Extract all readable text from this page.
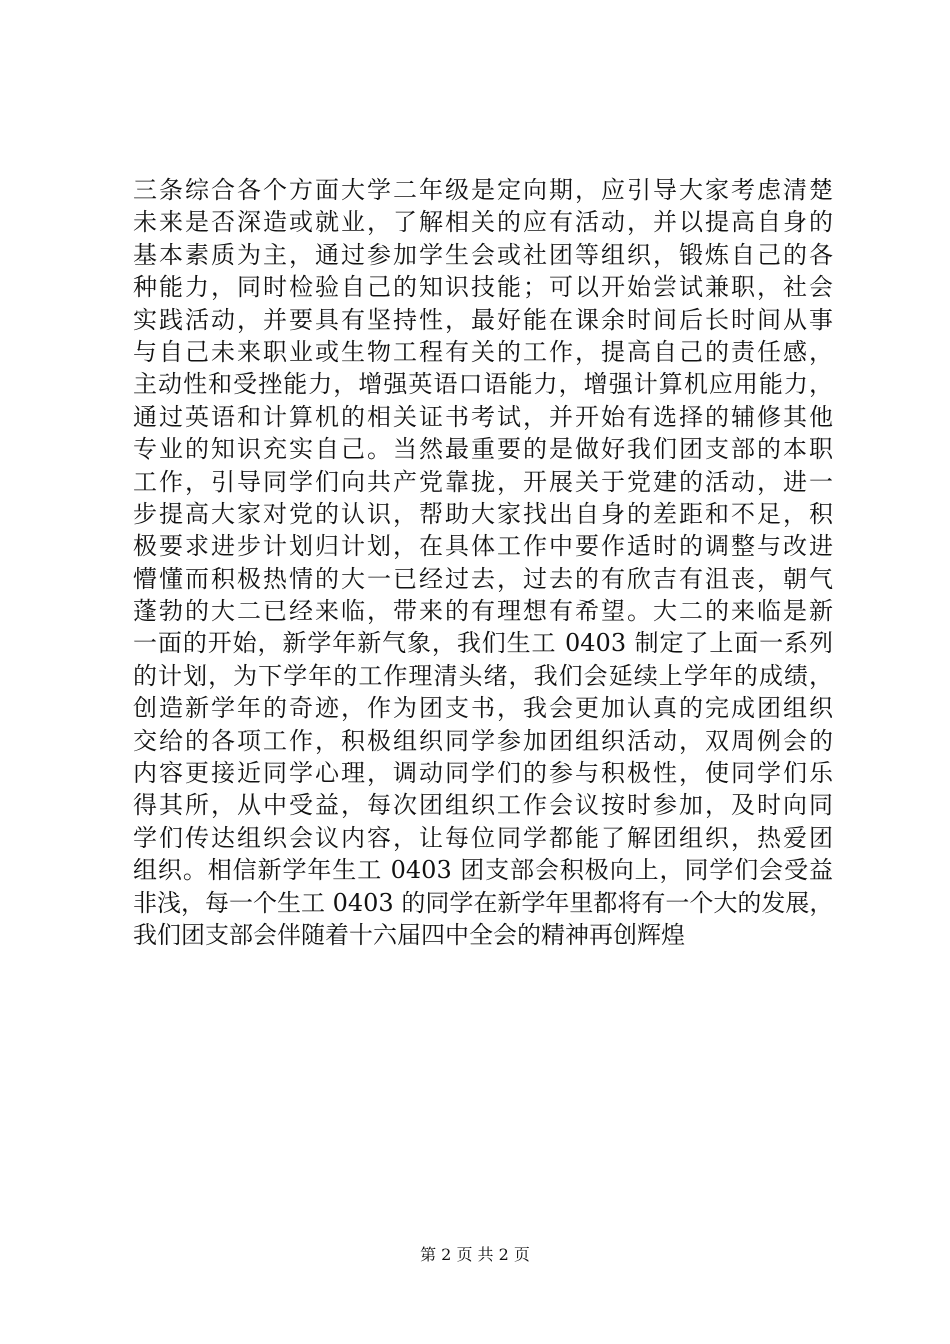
三条综合各个方面大学二年级是定向期，应引导大家考虑清楚
未来是否深造或就业，了解相关的应有活动，并以提高自身的
基本素质为主，通过参加学生会或社团等组织，锻炼自己的各
种能力，同时检验自己的知识技能；可以开始尝试兼职，社会
实践活动，并要具有坚持性，最好能在课余时间后长时间从事
与自己未来职业或生物工程有关的工作，提高自己的责任感，
主动性和受挫能力，增强英语口语能力，增强计算机应用能力，
通过英语和计算机的相关证书考试，并开始有选择的辅修其他
专业的知识充实自己。当然最重要的是做好我们团支部的本职
工作，引导同学们向共产党靠拢，开展关于党建的活动，进一
步提高大家对党的认识，帮助大家找出自身的差距和不足，积
极要求进步计划归计划，在具体工作中要作适时的调整与改进
懵懂而积极热情的大一已经过去，过去的有欣吉有沮丧，朝气
蓬勃的大二已经来临，带来的有理想有希望。大二的来临是新
一面的开始，新学年新气象，我们生工 0403 制定了上面一系列
的计划，为下学年的工作理清头绪，我们会延续上学年的成绩，
创造新学年的奇迹，作为团支书，我会更加认真的完成团组织
交给的各项工作，积极组织同学参加团组织活动，双周例会的
内容更接近同学心理，调动同学们的参与积极性，使同学们乐
得其所，从中受益，每次团组织工作会议按时参加，及时向同
学们传达组织会议内容，让每位同学都能了解团组织，热爱团
组织。相信新学年生工 0403 团支部会积极向上，同学们会受益
非浅，每一个生工 0403 的同学在新学年里都将有一个大的发展，
我们团支部会伴随着十六届四中全会的精神再创辉煌
第 2 页 共 2 页
